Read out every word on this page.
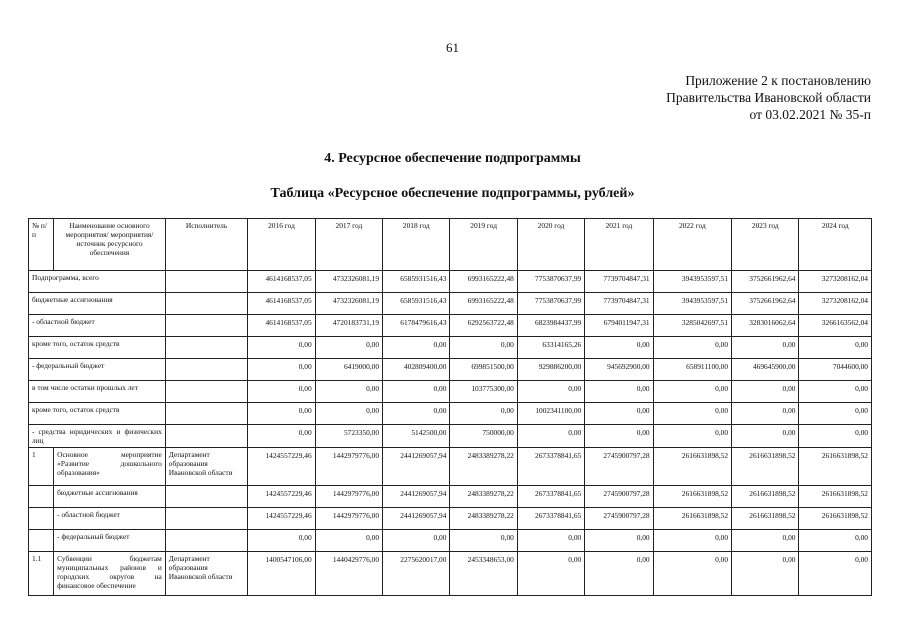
61
Приложение 2 к постановлению
Правительства Ивановской области
от 03.02.2021 № 35-п
4. Ресурсное обеспечение подпрограммы
Таблица «Ресурсное обеспечение подпрограммы, рублей»
№ п/п	Наименование основного мероприятия/ мероприятия/ источник ресурсного обеспечения	Исполнитель	2016 год	2017 год	2018 год	2019 год	2020 год	2021 год	2022 год	2023 год	2024 год
Подпрограмма, всего			4614168537,05	4732326081,19	6585931516,43	6993165222,48	7753870637,99	7739704847,31	3943953597,51	3752661962,64	3273208162,04
бюджетные ассигнования			4614168537,05	4732326081,19	6585931516,43	6993165222,48	7753870637,99	7739704847,31	3943953597,51	3752661962,64	3273208162,04
- областной бюджет			4614168537,05	4720183731,19	6178479616,43	6292563722,48	6823984437,99	6794011947,31	3285042697,51	3283016062,64	3266163562,04
кроме того, остаток средств			0,00	0,00	0,00	0,00	63314165,26	0,00	0,00	0,00	0,00
- федеральный бюджет			0,00	6419000,00	402809400,00	699851500,00	929886200,00	945692900,00	658911100,00	469645900,00	7044600,00
в том числе остатки прошлых лет			0,00	0,00	0,00	103775300,00	0,00	0,00	0,00	0,00	0,00
кроме того, остаток средств			0,00	0,00	0,00	0,00	1002341100,00	0,00	0,00	0,00	0,00
- средства юридических и физических лиц			0,00	5723350,00	5142500,00	750000,00	0,00	0,00	0,00	0,00	0,00
1	Основное мероприятие «Развитие дошкольного образования»	Департамент образования Ивановской области	1424557229,46	1442979776,00	2441269057,94	2483389278,22	2673378841,65	2745900797,28	2616631898,52	2616631898,52	2616631898,52
	бюджетные ассигнования		1424557229,46	1442979776,00	2441269057,94	2483389278,22	2673378841,65	2745900797,28	2616631898,52	2616631898,52	2616631898,52
	- областной бюджет		1424557229,46	1442979776,00	2441269057,94	2483389278,22	2673378841,65	2745900797,28	2616631898,52	2616631898,52	2616631898,52
	- федеральный бюджет		0,00	0,00	0,00	0,00	0,00	0,00	0,00	0,00	0,00
1.1	Субвенции бюджетам муниципальных районов и городских округов на финансовое обеспечение	Департамент образования Ивановской области	1400547106,00	1440429776,00	2275620017,00	2453348653,00	0,00	0,00	0,00	0,00	0,00
